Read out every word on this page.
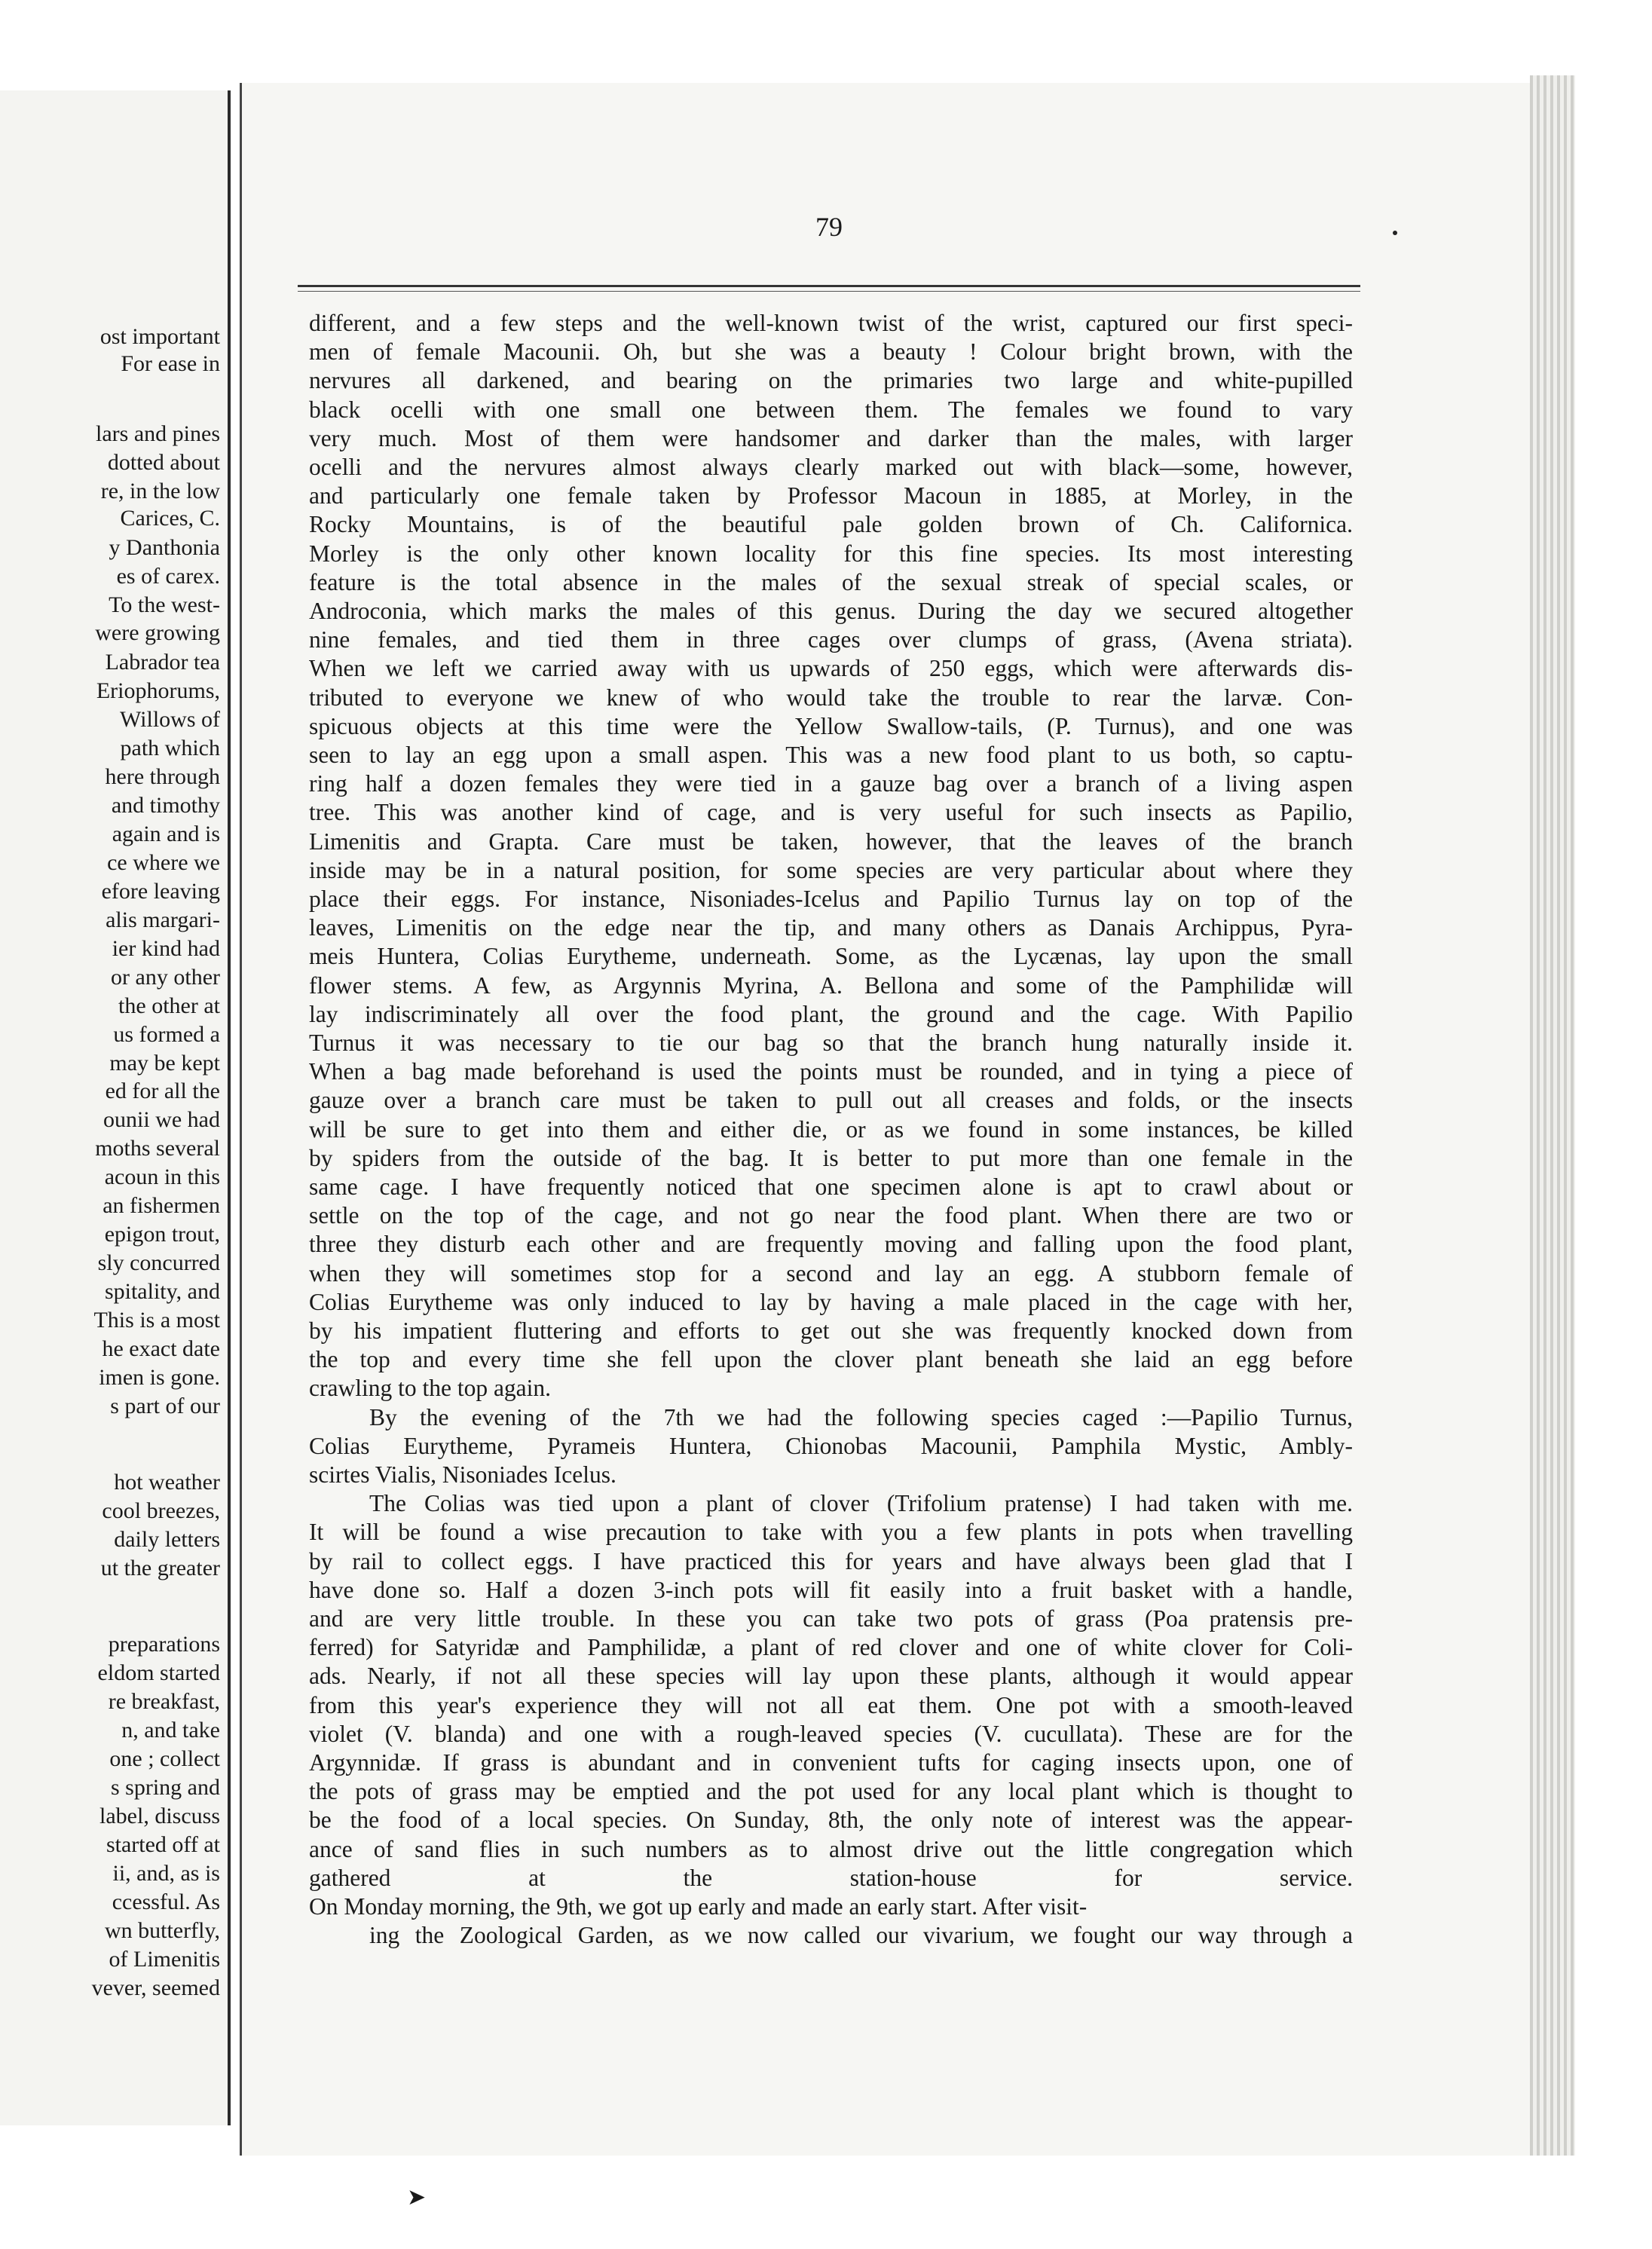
ost important
For ease in
lars and pines
dotted about
re, in the low
Carices, C.
y Danthonia
es of carex.
To the west-
were growing
Labrador tea
Eriophorums,
Willows of
path which
here through
and timothy
again and is
ce where we
efore leaving
alis margari-
ier kind had
or any other
the other at
us formed a
may be kept
ed for all the
ounii we had
moths several
acoun in this
an fishermen
epigon trout,
sly concurred
spitality, and
This is a most
he exact date
imen is gone.
s part of our
hot weather
cool breezes,
daily letters
ut the greater
preparations
eldom started
re breakfast,
n, and take
one ; collect
s spring and
label, discuss
started off at
ii, and, as is
ccessful. As
wn butterfly,
of Limenitis
vever, seemed
79
different, and a few steps and the well-known twist of the wrist, captured our first speci-
men of female Macounii. Oh, but she was a beauty ! Colour bright brown, with the
nervures all darkened, and bearing on the primaries two large and white-pupilled
black ocelli with one small one between them. The females we found to vary
very much. Most of them were handsomer and darker than the males, with larger
ocelli and the nervures almost always clearly marked out with black—some, however,
and particularly one female taken by Professor Macoun in 1885, at Morley, in the
Rocky Mountains, is of the beautiful pale golden brown of Ch. Californica.
Morley is the only other known locality for this fine species. Its most interesting
feature is the total absence in the males of the sexual streak of special scales, or
Androconia, which marks the males of this genus. During the day we secured altogether
nine females, and tied them in three cages over clumps of grass, (Avena striata).
When we left we carried away with us upwards of 250 eggs, which were afterwards dis-
tributed to everyone we knew of who would take the trouble to rear the larvæ. Con-
spicuous objects at this time were the Yellow Swallow-tails, (P. Turnus), and one was
seen to lay an egg upon a small aspen. This was a new food plant to us both, so captu-
ring half a dozen females they were tied in a gauze bag over a branch of a living aspen
tree. This was another kind of cage, and is very useful for such insects as Papilio,
Limenitis and Grapta. Care must be taken, however, that the leaves of the branch
inside may be in a natural position, for some species are very particular about where they
place their eggs. For instance, Nisoniades-Icelus and Papilio Turnus lay on top of the
leaves, Limenitis on the edge near the tip, and many others as Danais Archippus, Pyra-
meis Huntera, Colias Eurytheme, underneath. Some, as the Lycænas, lay upon the small
flower stems. A few, as Argynnis Myrina, A. Bellona and some of the Pamphilidæ will
lay indiscriminately all over the food plant, the ground and the cage. With Papilio
Turnus it was necessary to tie our bag so that the branch hung naturally inside it.
When a bag made beforehand is used the points must be rounded, and in tying a piece of
gauze over a branch care must be taken to pull out all creases and folds, or the insects
will be sure to get into them and either die, or as we found in some instances, be killed
by spiders from the outside of the bag. It is better to put more than one female in the
same cage. I have frequently noticed that one specimen alone is apt to crawl about or
settle on the top of the cage, and not go near the food plant. When there are two or
three they disturb each other and are frequently moving and falling upon the food plant,
when they will sometimes stop for a second and lay an egg. A stubborn female of
Colias Eurytheme was only induced to lay by having a male placed in the cage with her,
by his impatient fluttering and efforts to get out she was frequently knocked down from
the top and every time she fell upon the clover plant beneath she laid an egg before
crawling to the top again.
By the evening of the 7th we had the following species caged :—Papilio Turnus,
Colias Eurytheme, Pyrameis Huntera, Chionobas Macounii, Pamphila Mystic, Ambly-
scirtes Vialis, Nisoniades Icelus.
The Colias was tied upon a plant of clover (Trifolium pratense) I had taken with me.
It will be found a wise precaution to take with you a few plants in pots when travelling
by rail to collect eggs. I have practiced this for years and have always been glad that I
have done so. Half a dozen 3-inch pots will fit easily into a fruit basket with a handle,
and are very little trouble. In these you can take two pots of grass (Poa pratensis pre-
ferred) for Satyridæ and Pamphilidæ, a plant of red clover and one of white clover for Coli-
ads. Nearly, if not all these species will lay upon these plants, although it would appear
from this year's experience they will not all eat them. One pot with a smooth-leaved
violet (V. blanda) and one with a rough-leaved species (V. cucullata). These are for the
Argynnidæ. If grass is abundant and in convenient tufts for caging insects upon, one of
the pots of grass may be emptied and the pot used for any local plant which is thought to
be the food of a local species. On Sunday, 8th, the only note of interest was the appear-
ance of sand flies in such numbers as to almost drive out the little congregation which
gathered at the station-house for service.
On Monday morning, the 9th, we got up early and made an early start. After visit-
ing the Zoological Garden, as we now called our vivarium, we fought our way through a
➤
